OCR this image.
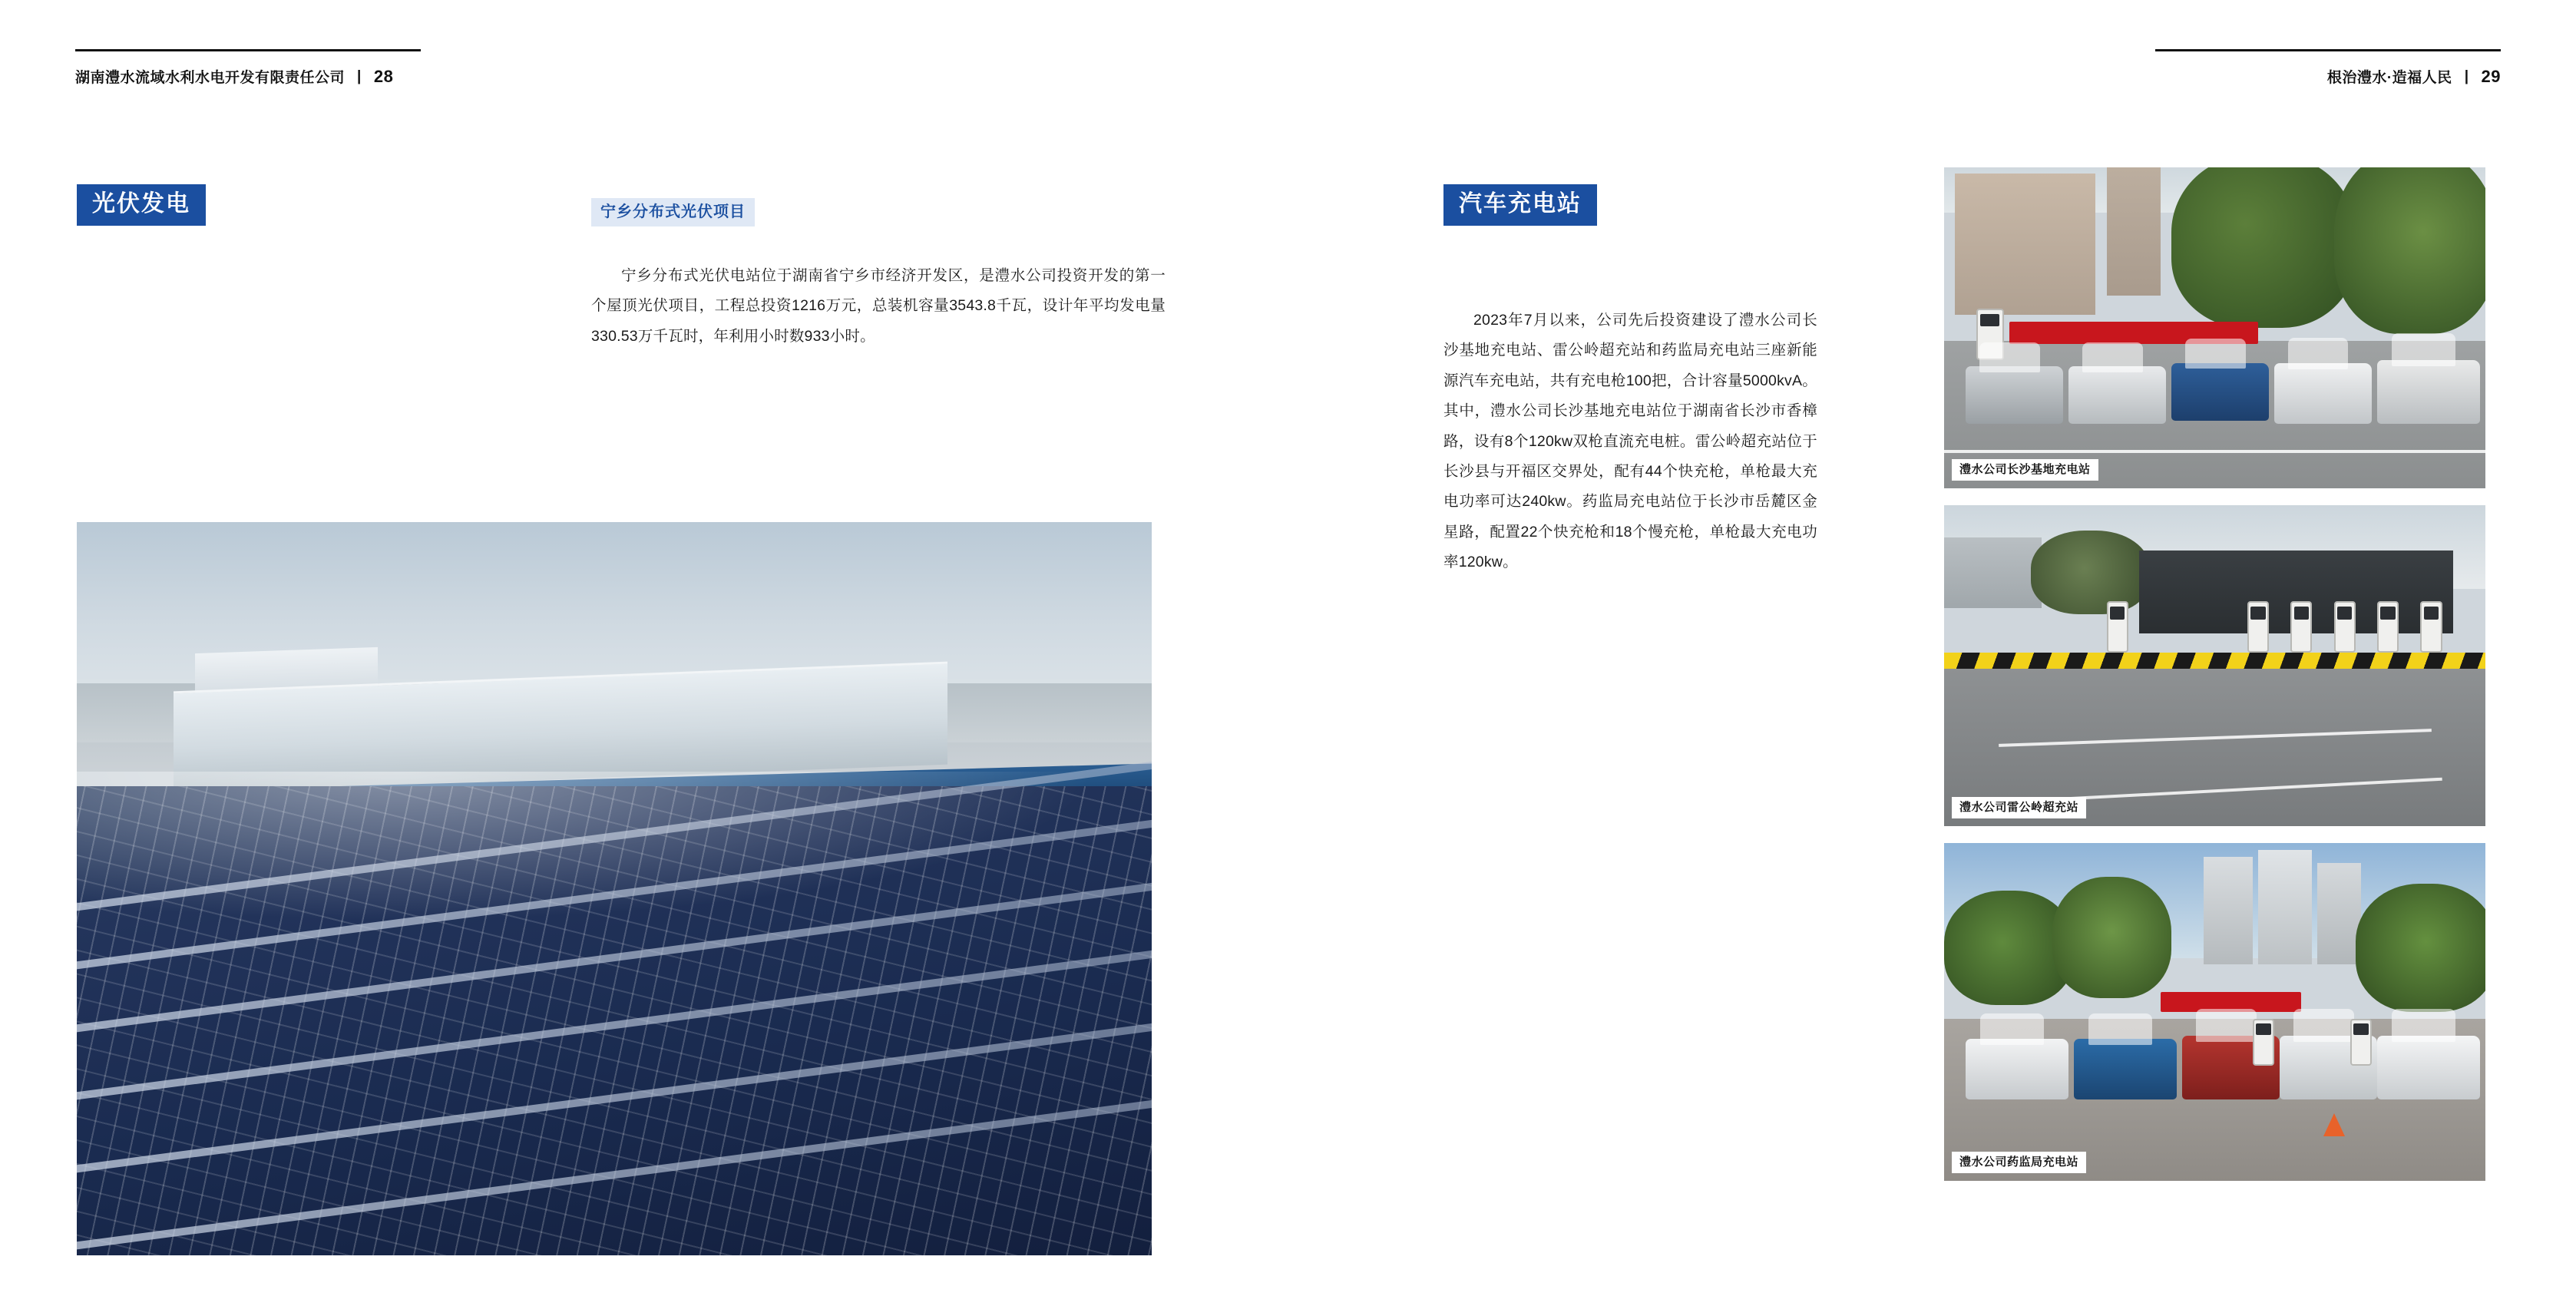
湖南澧水流域水利水电开发有限责任公司 | 28
光伏发电	宁乡分布式光伏项目

宁乡分布式光伏电站位于湖南省宁乡市经济开发区，是澧水公司投资开发的第一个屋顶光伏项目，工程总投资1216万元，总装机容量3543.8千瓦，设计年平均发电量330.53万千瓦时，年利用小时数933小时。

根治澧水·造福人民 | 29
汽车充电站

2023年7月以来，公司先后投资建设了澧水公司长沙基地充电站、雷公岭超充站和药监局充电站三座新能源汽车充电站，共有充电枪100把，合计容量5000kvA。其中，澧水公司长沙基地充电站位于湖南省长沙市香樟路，设有8个120kw双枪直流充电桩。雷公岭超充站位于长沙县与开福区交界处，配有44个快充枪，单枪最大充电功率可达240kw。药监局充电站位于长沙市岳麓区金星路，配置22个快充枪和18个慢充枪，单枪最大充电功率120kw。

澧水公司长沙基地充电站
澧水公司雷公岭超充站
澧水公司药监局充电站
